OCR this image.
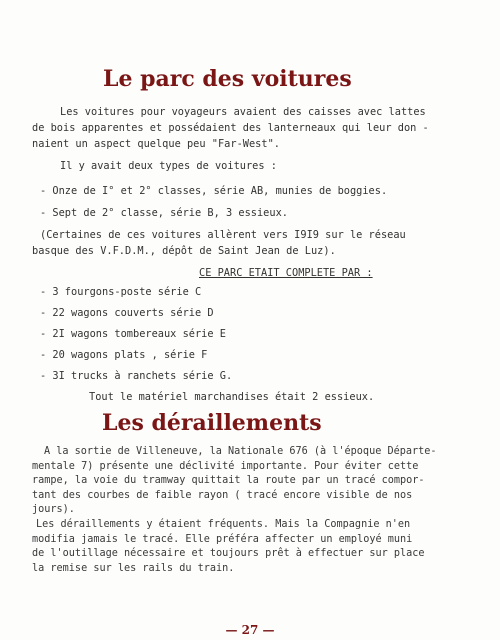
Le parc des voitures
Les voitures pour voyageurs avaient des caisses avec lattes
de bois apparentes et possédaient des lanterneaux qui leur don -
naient un aspect quelque peu "Far-West".
Il y avait deux types de voitures :
- Onze de I° et 2° classes, série AB, munies de boggies.
- Sept de 2° classe, série B, 3 essieux.
(Certaines de ces voitures allèrent vers I9I9 sur le réseau
basque des V.F.D.M., dépôt de Saint Jean de Luz).
CE PARC ETAIT COMPLETE PAR :
- 3 fourgons-poste série C
- 22 wagons couverts série D
- 2I wagons tombereaux série E
- 20 wagons plats , série F
- 3I trucks à ranchets série G.
Tout le matériel marchandises était 2 essieux.
Les déraillements
A la sortie de Villeneuve, la Nationale 676 (à l'époque Départe-
mentale 7) présente une déclivité importante. Pour éviter cette
rampe, la voie du tramway quittait la route par un tracé compor-
tant des courbes de faible rayon ( tracé encore visible de nos
jours).
Les déraillements y étaient fréquents. Mais la Compagnie n'en
modifia jamais le tracé. Elle préféra affecter un employé muni
de l'outillage nécessaire et toujours prêt à effectuer sur place
la remise sur les rails du train.
— 27 —
